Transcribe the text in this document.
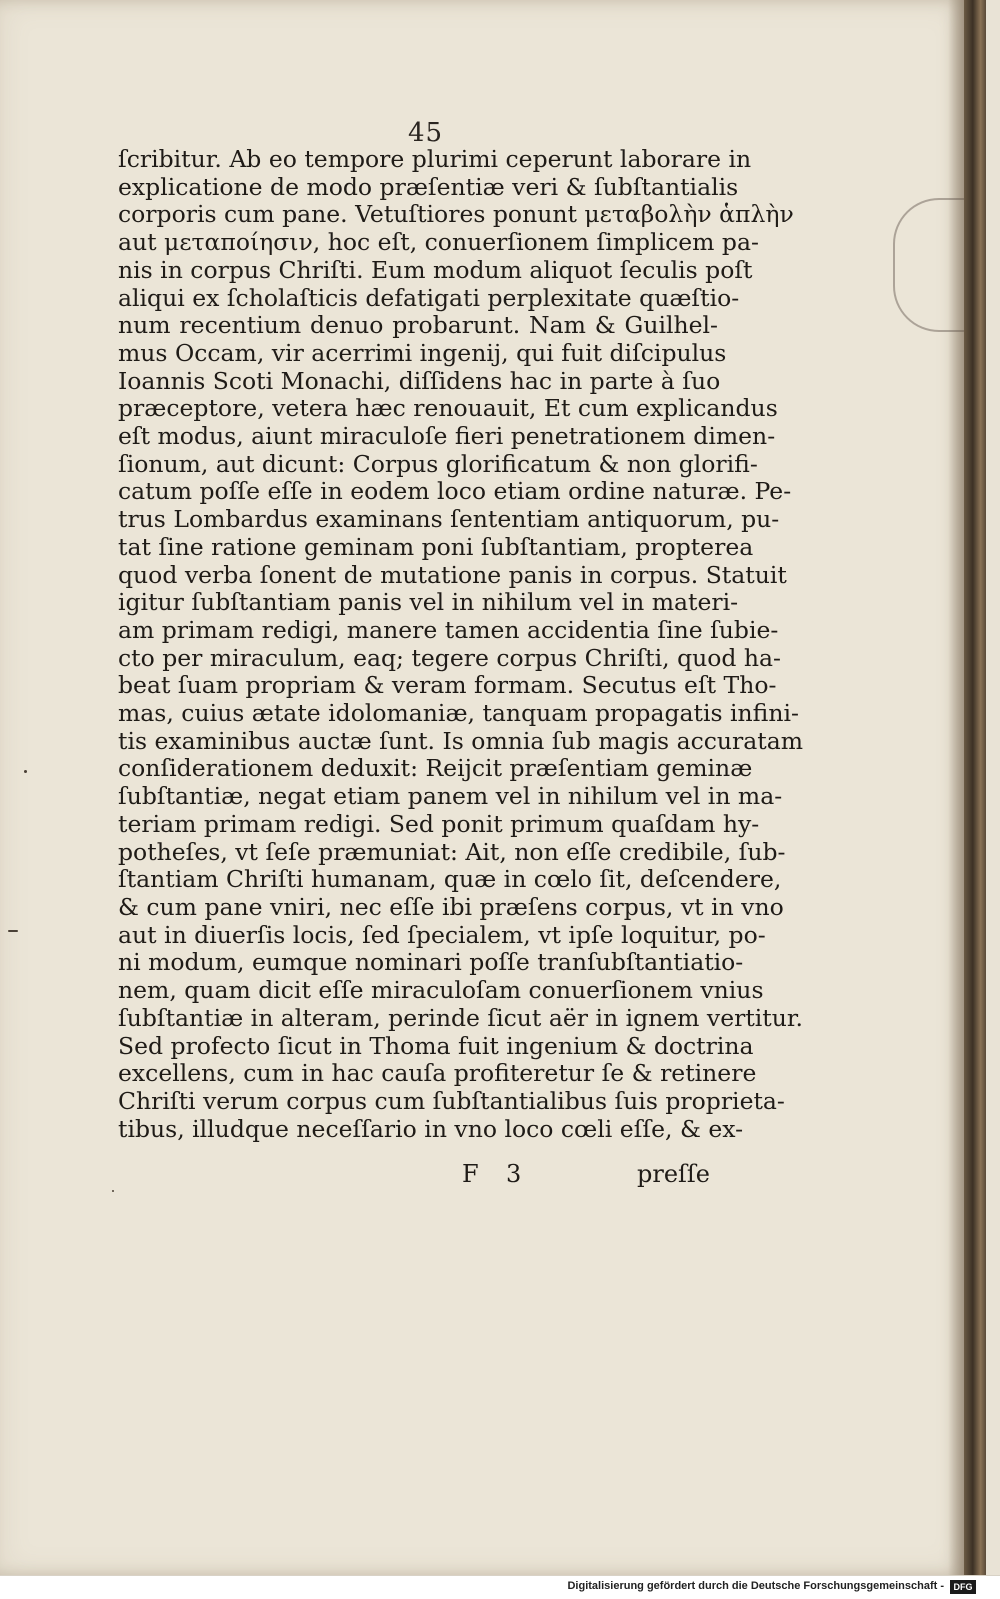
45
ſcribitur. Ab eo tempore plurimi ceperunt laborare in
explicatione de modo præſentiæ veri & ſubſtantialis
corporis cum pane. Vetuſtiores ponunt μεταβολὴν ἁπλὴν
aut μεταποίησιν, hoc eſt, conuerſionem ſimplicem pa-
nis in corpus Chriſti. Eum modum aliquot ſeculis poſt
aliqui ex ſcholaſticis defatigati perplexitate quæſtio-
num recentium denuo probarunt. Nam & Guilhel-
mus Occam, vir acerrimi ingenij, qui fuit diſcipulus
Ioannis Scoti Monachi, diſſidens hac in parte à ſuo
præceptore, vetera hæc renouauit, Et cum explicandus
eſt modus, aiunt miraculoſe fieri penetrationem dimen-
ſionum, aut dicunt: Corpus glorificatum & non glorifi-
catum poſſe eſſe in eodem loco etiam ordine naturæ. Pe-
trus Lombardus examinans ſententiam antiquorum, pu-
tat ſine ratione geminam poni ſubſtantiam, propterea
quod verba ſonent de mutatione panis in corpus. Statuit
igitur ſubſtantiam panis vel in nihilum vel in materi-
am primam redigi, manere tamen accidentia ſine ſubie-
cto per miraculum, eaq; tegere corpus Chriſti, quod ha-
beat ſuam propriam & veram formam. Secutus eſt Tho-
mas, cuius ætate idolomaniæ, tanquam propagatis infini-
tis examinibus auctæ ſunt. Is omnia ſub magis accuratam
conſiderationem deduxit: Reijcit præſentiam geminæ
ſubſtantiæ, negat etiam panem vel in nihilum vel in ma-
teriam primam redigi. Sed ponit primum quaſdam hy-
potheſes, vt ſeſe præmuniat: Ait, non eſſe credibile, ſub-
ſtantiam Chriſti humanam, quæ in cœlo ſit, deſcendere,
& cum pane vniri, nec eſſe ibi præſens corpus, vt in vno
aut in diuerſis locis, ſed ſpecialem, vt ipſe loquitur, po-
ni modum, eumque nominari poſſe tranſubſtantiatio-
nem, quam dicit eſſe miraculoſam conuerſionem vnius
ſubſtantiæ in alteram, perinde ſicut aër in ignem vertitur.
Sed profecto ſicut in Thoma fuit ingenium & doctrina
excellens, cum in hac cauſa profiteretur ſe & retinere
Chriſti verum corpus cum ſubſtantialibus ſuis proprieta-
tibus, illudque neceſſario in vno loco cœli eſſe, & ex-
F 3	preſſe
Digitalisierung gefördert durch die Deutsche Forschungsgemeinschaft -	DFG
